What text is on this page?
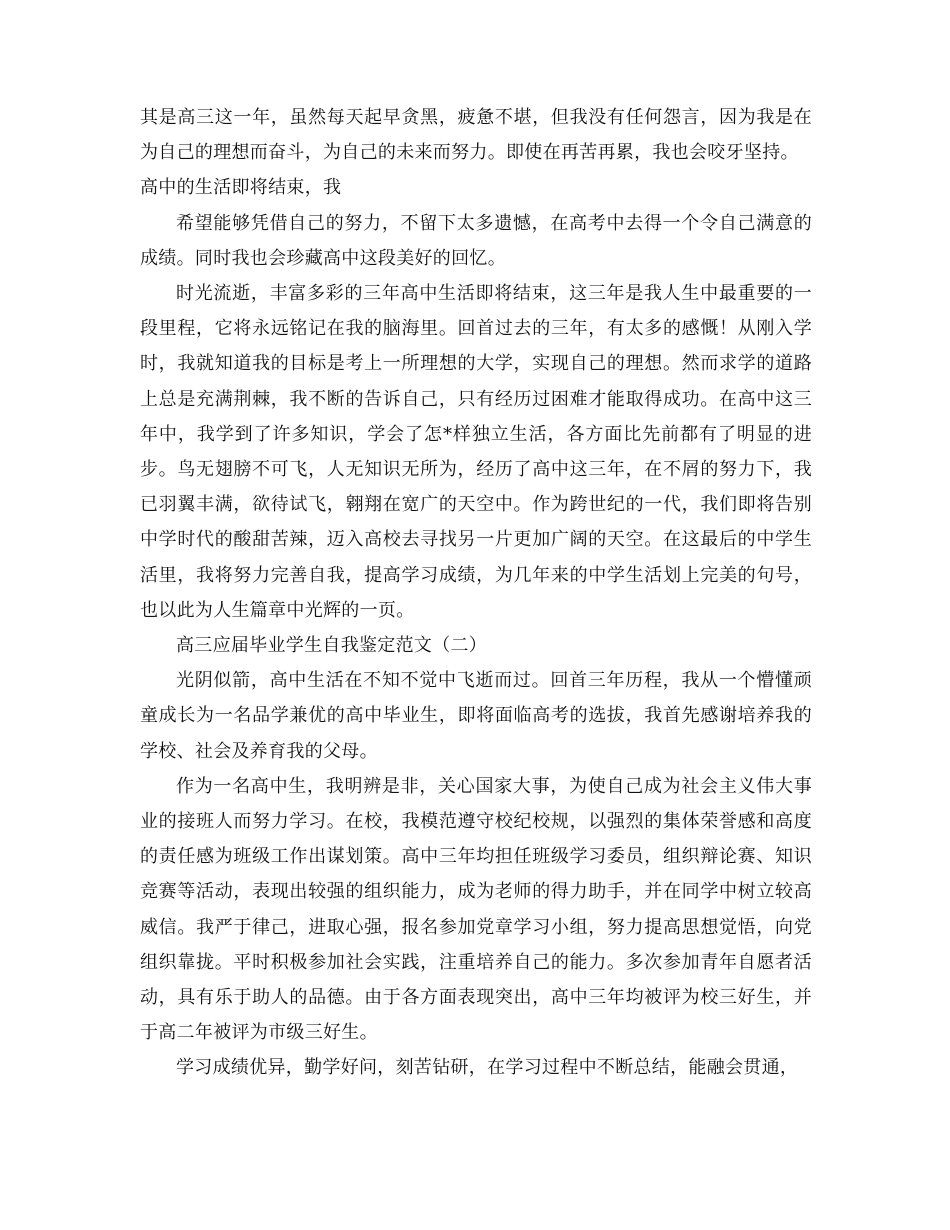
其是高三这一年，虽然每天起早贪黑，疲惫不堪，但我没有任何怨言，因为我是在为自己的理想而奋斗，为自己的未来而努力。即使在再苦再累，我也会咬牙坚持。

高中的生活即将结束，我

希望能够凭借自己的努力，不留下太多遗憾，在高考中去得一个令自己满意的成绩。同时我也会珍藏高中这段美好的回忆。

时光流逝，丰富多彩的三年高中生活即将结束，这三年是我人生中最重要的一段里程，它将永远铭记在我的脑海里。回首过去的三年，有太多的感慨！从刚入学时，我就知道我的目标是考上一所理想的大学，实现自己的理想。然而求学的道路上总是充满荆棘，我不断的告诉自己，只有经历过困难才能取得成功。在高中这三年中，我学到了许多知识，学会了怎*样独立生活，各方面比先前都有了明显的进步。鸟无翅膀不可飞，人无知识无所为，经历了高中这三年，在不屑的努力下，我已羽翼丰满，欲待试飞，翱翔在宽广的天空中。作为跨世纪的一代，我们即将告别中学时代的酸甜苦辣，迈入高校去寻找另一片更加广阔的天空。在这最后的中学生活里，我将努力完善自我，提高学习成绩，为几年来的中学生活划上完美的句号，也以此为人生篇章中光辉的一页。

高三应届毕业学生自我鉴定范文（二）

光阴似箭，高中生活在不知不觉中飞逝而过。回首三年历程，我从一个懵懂顽童成长为一名品学兼优的高中毕业生，即将面临高考的选拔，我首先感谢培养我的学校、社会及养育我的父母。

作为一名高中生，我明辨是非，关心国家大事，为使自己成为社会主义伟大事业的接班人而努力学习。在校，我模范遵守校纪校规，以强烈的集体荣誉感和高度的责任感为班级工作出谋划策。高中三年均担任班级学习委员，组织辩论赛、知识竞赛等活动，表现出较强的组织能力，成为老师的得力助手，并在同学中树立较高威信。我严于律己，进取心强，报名参加党章学习小组，努力提高思想觉悟，向党组织靠拢。平时积极参加社会实践，注重培养自己的能力。多次参加青年自愿者活动，具有乐于助人的品德。由于各方面表现突出，高中三年均被评为校三好生，并于高二年被评为市级三好生。

学习成绩优异，勤学好问，刻苦钻研，在学习过程中不断总结，能融会贯通，
